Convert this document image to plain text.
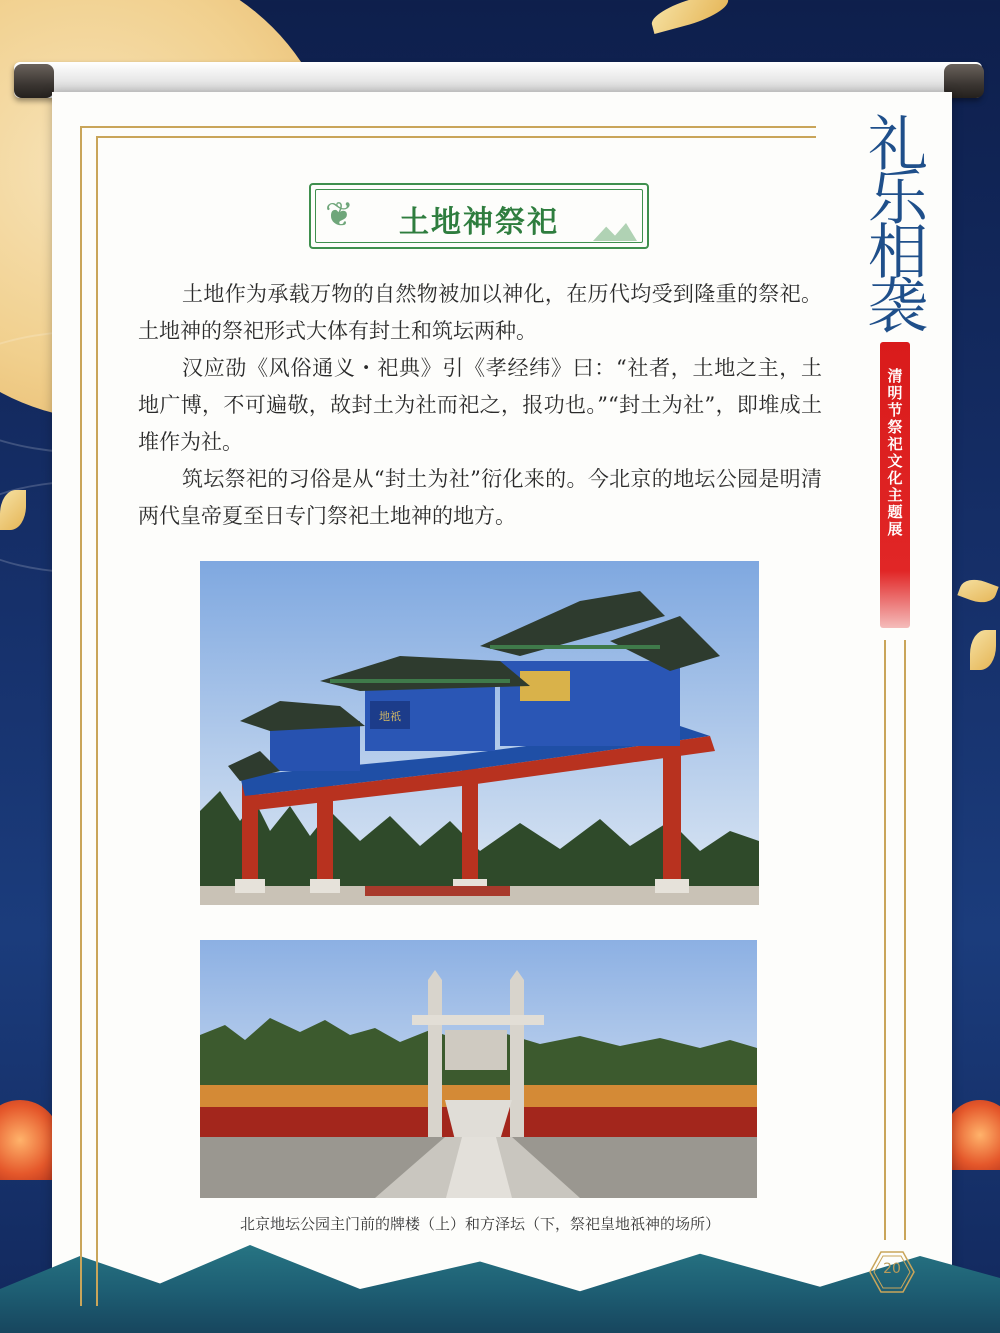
❦	土地神祭祀

土地作为承载万物的自然物被加以神化，在历代均受到隆重的祭祀。土地神的祭祀形式大体有封土和筑坛两种。

汉应劭《风俗通义・祀典》引《孝经纬》曰：“社者，土地之主，土地广博，不可遍敬，故封土为社而祀之，报功也。”“封土为社”，即堆成土堆作为社。

筑坛祭祀的习俗是从“封土为社”衍化来的。今北京的地坛公园是明清两代皇帝夏至日专门祭祀土地神的地方。

地祇
北京地坛公园主门前的牌楼（上）和方泽坛（下，祭祀皇地祇神的场所）
礼
乐
相
袭
清
明
节
祭
祀
文
化
主
题
展
20
